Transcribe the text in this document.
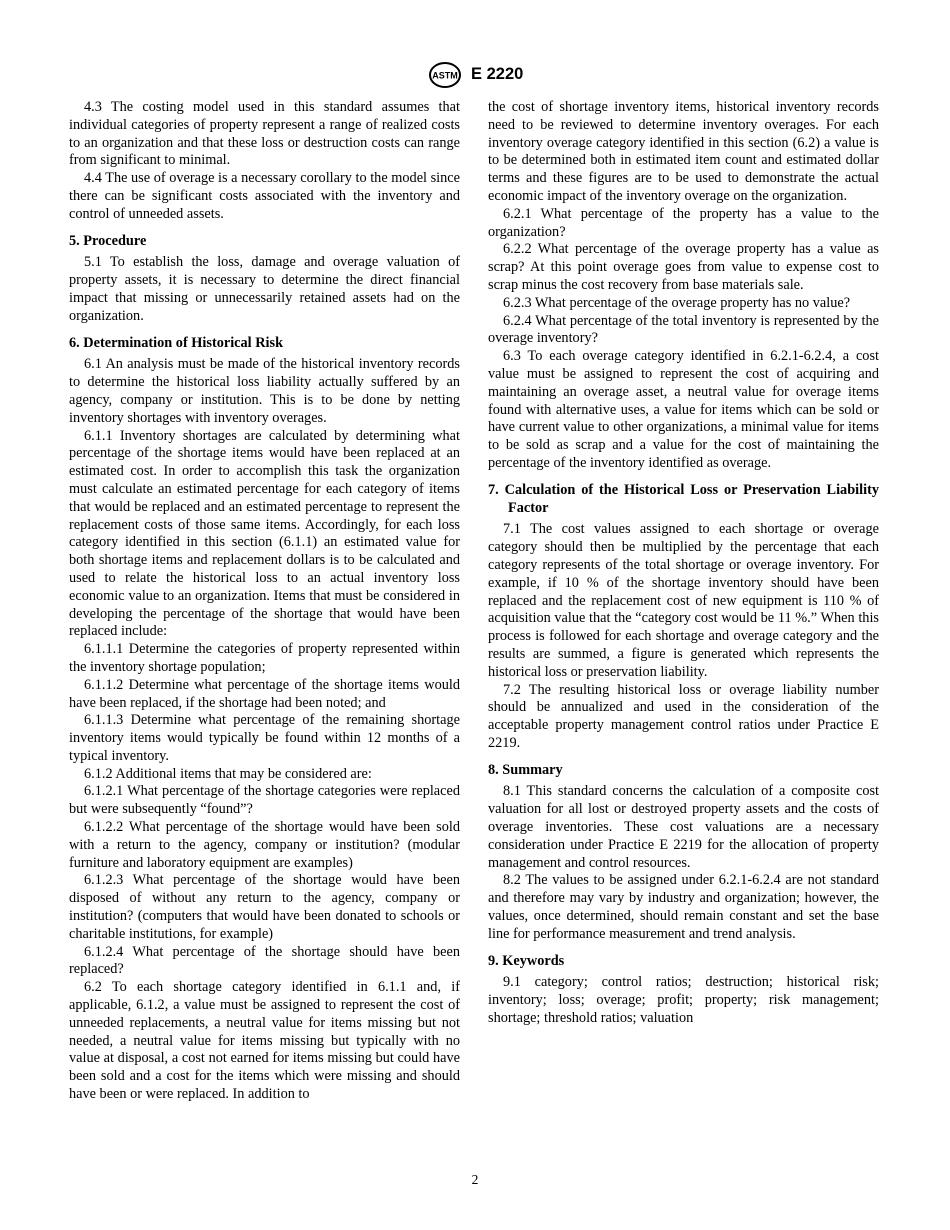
ASTM E 2220

4.3 The costing model used in this standard assumes that individual categories of property represent a range of realized costs to an organization and that these loss or destruction costs can range from significant to minimal.

4.4 The use of overage is a necessary corollary to the model since there can be significant costs associated with the inventory and control of unneeded assets.

5. Procedure

5.1 To establish the loss, damage and overage valuation of property assets, it is necessary to determine the direct financial impact that missing or unnecessarily retained assets had on the organization.

6. Determination of Historical Risk

6.1 An analysis must be made of the historical inventory records to determine the historical loss liability actually suffered by an agency, company or institution. This is to be done by netting inventory shortages with inventory overages.

6.1.1 Inventory shortages are calculated by determining what percentage of the shortage items would have been replaced at an estimated cost. In order to accomplish this task the organization must calculate an estimated percentage for each category of items that would be replaced and an estimated percentage to represent the replacement costs of those same items. Accordingly, for each loss category identified in this section (6.1.1) an estimated value for both shortage items and replacement dollars is to be calculated and used to relate the historical loss to an actual inventory loss economic value to an organization. Items that must be considered in developing the percentage of the shortage that would have been replaced include:

6.1.1.1 Determine the categories of property represented within the inventory shortage population;

6.1.1.2 Determine what percentage of the shortage items would have been replaced, if the shortage had been noted; and

6.1.1.3 Determine what percentage of the remaining shortage inventory items would typically be found within 12 months of a typical inventory.

6.1.2 Additional items that may be considered are:

6.1.2.1 What percentage of the shortage categories were replaced but were subsequently “found”?

6.1.2.2 What percentage of the shortage would have been sold with a return to the agency, company or institution? (modular furniture and laboratory equipment are examples)

6.1.2.3 What percentage of the shortage would have been disposed of without any return to the agency, company or institution? (computers that would have been donated to schools or charitable institutions, for example)

6.1.2.4 What percentage of the shortage should have been replaced?

6.2 To each shortage category identified in 6.1.1 and, if applicable, 6.1.2, a value must be assigned to represent the cost of unneeded replacements, a neutral value for items missing but not needed, a neutral value for items missing but typically with no value at disposal, a cost not earned for items missing but could have been sold and a cost for the items which were missing and should have been or were replaced. In addition to

the cost of shortage inventory items, historical inventory records need to be reviewed to determine inventory overages. For each inventory overage category identified in this section (6.2) a value is to be determined both in estimated item count and estimated dollar terms and these figures are to be used to demonstrate the actual economic impact of the inventory overage on the organization.

6.2.1 What percentage of the property has a value to the organization?

6.2.2 What percentage of the overage property has a value as scrap? At this point overage goes from value to expense cost to scrap minus the cost recovery from base materials sale.

6.2.3 What percentage of the overage property has no value?

6.2.4 What percentage of the total inventory is represented by the overage inventory?

6.3 To each overage category identified in 6.2.1-6.2.4, a cost value must be assigned to represent the cost of acquiring and maintaining an overage asset, a neutral value for overage items found with alternative uses, a value for items which can be sold or have current value to other organizations, a minimal value for items to be sold as scrap and a value for the cost of maintaining the percentage of the inventory identified as overage.

7. Calculation of the Historical Loss or Preservation Liability Factor

7.1 The cost values assigned to each shortage or overage category should then be multiplied by the percentage that each category represents of the total shortage or overage inventory. For example, if 10 % of the shortage inventory should have been replaced and the replacement cost of new equipment is 110 % of acquisition value that the “category cost would be 11 %.” When this process is followed for each shortage and overage category and the results are summed, a figure is generated which represents the historical loss or preservation liability.

7.2 The resulting historical loss or overage liability number should be annualized and used in the consideration of the acceptable property management control ratios under Practice E 2219.

8. Summary

8.1 This standard concerns the calculation of a composite cost valuation for all lost or destroyed property assets and the costs of overage inventories. These cost valuations are a necessary consideration under Practice E 2219 for the allocation of property management and control resources.

8.2 The values to be assigned under 6.2.1-6.2.4 are not standard and therefore may vary by industry and organization; however, the values, once determined, should remain constant and set the base line for performance measurement and trend analysis.

9. Keywords

9.1 category; control ratios; destruction; historical risk; inventory; loss; overage; profit; property; risk management; shortage; threshold ratios; valuation

2
